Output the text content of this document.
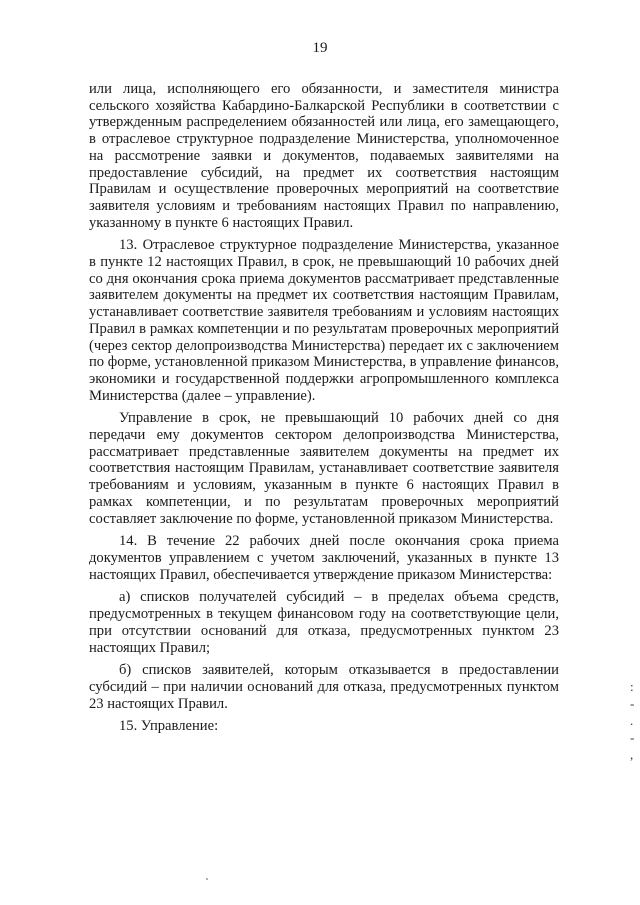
19

или лица, исполняющего его обязанности, и заместителя министра сельского хозяйства Кабардино-Балкарской Республики в соответствии с утвержденным распределением обязанностей или лица, его замещающего, в отраслевое структурное подразделение Министерства, уполномоченное на рассмотрение заявки и документов, подаваемых заявителями на предоставление субсидий, на предмет их соответствия настоящим Правилам и осуществление проверочных мероприятий на соответствие заявителя условиям и требованиям настоящих Правил по направлению, указанному в пункте 6 настоящих Правил.

13. Отраслевое структурное подразделение Министерства, указанное в пункте 12 настоящих Правил, в срок, не превышающий 10 рабочих дней со дня окончания срока приема документов рассматривает представленные заявителем документы на предмет их соответствия настоящим Правилам, устанавливает соответствие заявителя требованиям и условиям настоящих Правил в рамках компетенции и по результатам проверочных мероприятий (через сектор делопроизводства Министерства) передает их с заключением по форме, установленной приказом Министерства, в управление финансов, экономики и государственной поддержки агропромышленного комплекса Министерства (далее – управление).

Управление в срок, не превышающий 10 рабочих дней со дня передачи ему документов сектором делопроизводства Министерства, рассматривает представленные заявителем документы на предмет их соответствия настоящим Правилам, устанавливает соответствие заявителя требованиям и условиям, указанным в пункте 6 настоящих Правил в рамках компетенции, и по результатам проверочных мероприятий составляет заключение по форме, установленной приказом Министерства.

14. В течение 22 рабочих дней после окончания срока приема документов управлением с учетом заключений, указанных в пункте 13 настоящих Правил, обеспечивается утверждение приказом Министерства:

а) списков получателей субсидий – в пределах объема средств, предусмотренных в текущем финансовом году на соответствующие цели, при отсутствии оснований для отказа, предусмотренных пунктом 23 настоящих Правил;

б) списков заявителей, которым отказывается в предоставлении субсидий – при наличии оснований для отказа, предусмотренных пунктом 23 настоящих Правил.

15. Управление:

:
-
.
-
,
